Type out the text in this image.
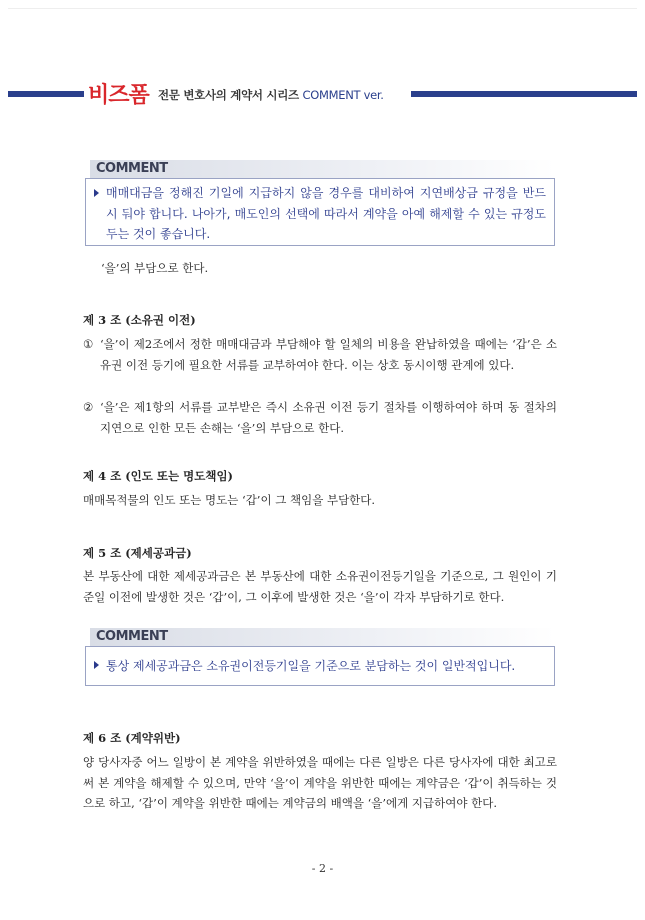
비즈폼 전문 변호사의 계약서 시리즈 COMMENT ver.
COMMENT

매매대금을 정해진 기일에 지급하지 않을 경우를 대비하여 지연배상금 규정을 반드시 둬야 합니다. 나아가, 매도인의 선택에 따라서 계약을 아예 해제할 수 있는 규정도 두는 것이 좋습니다.

‘을’의 부담으로 한다.
제 3 조 (소유권 이전)
① ‘을’이 제2조에서 정한 매매대금과 부담해야 할 일체의 비용을 완납하였을 때에는 ‘갑’은 소유권 이전 등기에 필요한 서류를 교부하여야 한다. 이는 상호 동시이행 관계에 있다.
② ‘을’은 제1항의 서류를 교부받은 즉시 소유권 이전 등기 절차를 이행하여야 하며 동 절차의 지연으로 인한 모든 손해는 ‘을’의 부담으로 한다.
제 4 조 (인도 또는 명도책임)
매매목적물의 인도 또는 명도는 ‘갑’이 그 책임을 부담한다.
제 5 조 (제세공과금)
본 부동산에 대한 제세공과금은 본 부동산에 대한 소유권이전등기일을 기준으로, 그 원인이 기준일 이전에 발생한 것은 ‘갑’이, 그 이후에 발생한 것은 ‘을’이 각자 부담하기로 한다.
COMMENT

통상 제세공과금은 소유권이전등기일을 기준으로 분담하는 것이 일반적입니다.

제 6 조 (계약위반)
양 당사자중 어느 일방이 본 계약을 위반하였을 때에는 다른 일방은 다른 당사자에 대한 최고로써 본 계약을 해제할 수 있으며, 만약 ‘을’이 계약을 위반한 때에는 계약금은 ‘갑’이 취득하는 것으로 하고, ‘갑’이 계약을 위반한 때에는 계약금의 배액을 ‘을’에게 지급하여야 한다.
- 2 -
